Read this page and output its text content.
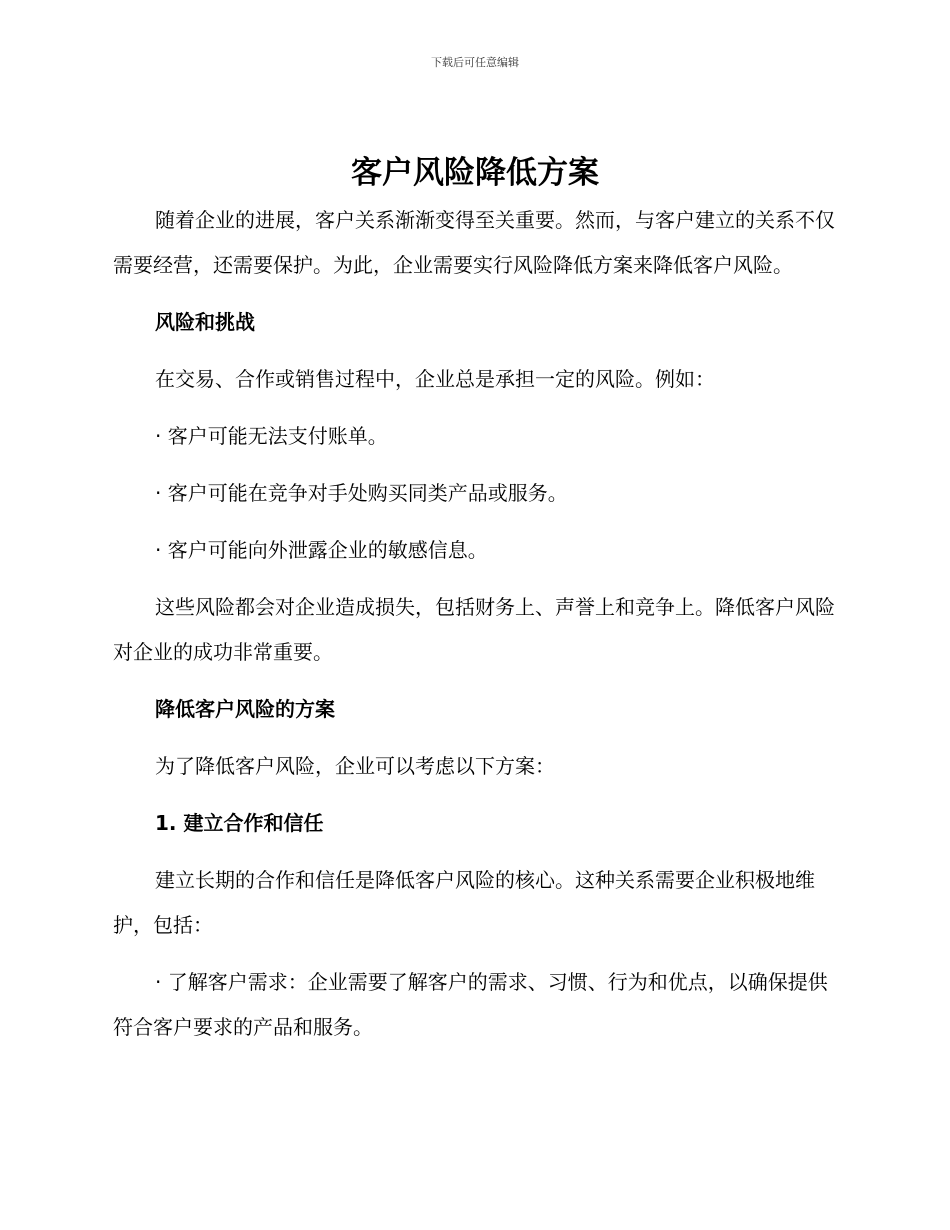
下载后可任意编辑
客户风险降低方案

随着企业的进展，客户关系渐渐变得至关重要。然而，与客户建立的关系不仅需要经营，还需要保护。为此，企业需要实行风险降低方案来降低客户风险。

风险和挑战

在交易、合作或销售过程中，企业总是承担一定的风险。例如：

· 客户可能无法支付账单。

· 客户可能在竞争对手处购买同类产品或服务。

· 客户可能向外泄露企业的敏感信息。

这些风险都会对企业造成损失，包括财务上、声誉上和竞争上。降低客户风险对企业的成功非常重要。

降低客户风险的方案

为了降低客户风险，企业可以考虑以下方案：

1. 建立合作和信任

建立长期的合作和信任是降低客户风险的核心。这种关系需要企业积极地维护，包括：

· 了解客户需求：企业需要了解客户的需求、习惯、行为和优点，以确保提供符合客户要求的产品和服务。
